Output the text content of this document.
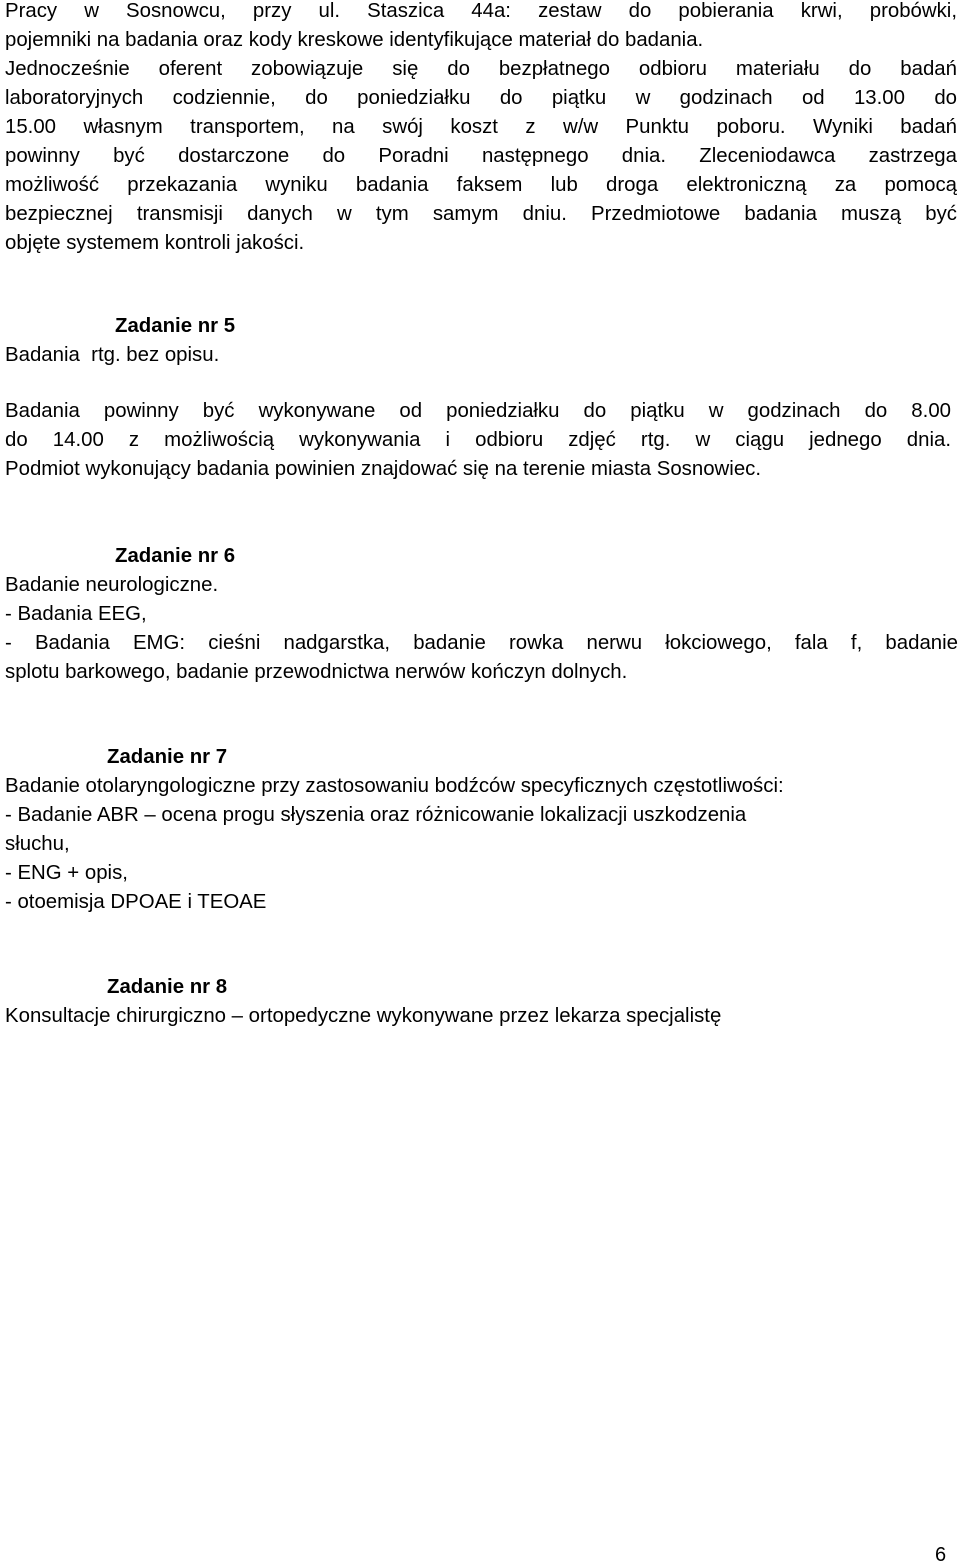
Pracy w Sosnowcu, przy ul. Staszica 44a: zestaw do pobierania krwi, probówki,
pojemniki na badania oraz kody kreskowe identyfikujące materiał do badania.
Jednocześnie oferent zobowiązuje się do bezpłatnego odbioru materiału do badań
laboratoryjnych codziennie, do poniedziałku do piątku w godzinach od 13.00 do
15.00 własnym transportem, na swój koszt z w/w Punktu poboru. Wyniki badań
powinny być dostarczone do Poradni następnego dnia. Zleceniodawca zastrzega
możliwość przekazania wyniku badania faksem lub droga elektroniczną za pomocą
bezpiecznej transmisji danych w tym samym dniu. Przedmiotowe badania muszą być
objęte systemem kontroli jakości.
Zadanie nr 5
Badania  rtg. bez opisu.
Badania powinny być wykonywane od poniedziałku do piątku w godzinach do 8.00
do 14.00 z możliwością wykonywania i odbioru zdjęć rtg. w ciągu jednego dnia.
Podmiot wykonujący badania powinien znajdować się na terenie miasta Sosnowiec.
Zadanie nr 6
Badanie neurologiczne.
- Badania EEG,
- Badania EMG: cieśni nadgarstka, badanie rowka nerwu łokciowego, fala f, badanie
splotu barkowego, badanie przewodnictwa nerwów kończyn dolnych.
Zadanie nr 7
Badanie otolaryngologiczne przy zastosowaniu bodźców specyficznych częstotliwości:
- Badanie ABR – ocena progu słyszenia oraz różnicowanie lokalizacji uszkodzenia
słuchu,
- ENG + opis,
- otoemisja DPOAE i TEOAE
Zadanie nr 8
Konsultacje chirurgiczno – ortopedyczne wykonywane przez lekarza specjalistę
6
